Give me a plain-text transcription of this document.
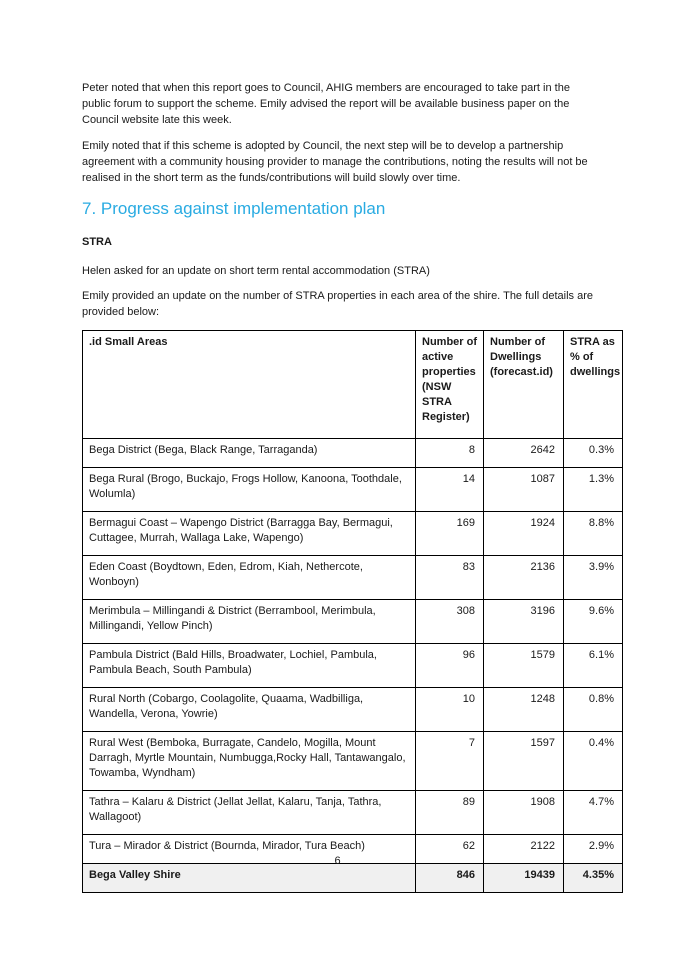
Peter noted that when this report goes to Council, AHIG members are encouraged to take part in the public forum to support the scheme. Emily advised the report will be available business paper on the Council website late this week.

Emily noted that if this scheme is adopted by Council, the next step will be to develop a partnership agreement with a community housing provider to manage the contributions, noting the results will not be realised in the short term as the funds/contributions will build slowly over time.

7. Progress against implementation plan

STRA

Helen asked for an update on short term rental accommodation (STRA)

Emily provided an update on the number of STRA properties in each area of the shire. The full details are provided below:

.id Small Areas	Number of active properties (NSW STRA Register)	Number of Dwellings (forecast.id)	STRA as % of dwellings
Bega District (Bega, Black Range, Tarraganda)	8	2642	0.3%
Bega Rural (Brogo, Buckajo, Frogs Hollow, Kanoona, Toothdale, Wolumla)	14	1087	1.3%
Bermagui Coast – Wapengo District (Barragga Bay, Bermagui, Cuttagee, Murrah, Wallaga Lake, Wapengo)	169	1924	8.8%
Eden Coast (Boydtown, Eden, Edrom, Kiah, Nethercote, Wonboyn)	83	2136	3.9%
Merimbula – Millingandi & District (Berrambool, Merimbula, Millingandi, Yellow Pinch)	308	3196	9.6%
Pambula District (Bald Hills, Broadwater, Lochiel, Pambula, Pambula Beach, South Pambula)	96	1579	6.1%
Rural North (Cobargo, Coolagolite, Quaama, Wadbilliga, Wandella, Verona, Yowrie)	10	1248	0.8%
Rural West (Bemboka, Burragate, Candelo, Mogilla, Mount Darragh, Myrtle Mountain, Numbugga,Rocky Hall, Tantawangalo, Towamba, Wyndham)	7	1597	0.4%
Tathra – Kalaru & District (Jellat Jellat, Kalaru, Tanja, Tathra, Wallagoot)	89	1908	4.7%
Tura – Mirador & District (Bournda, Mirador, Tura Beach)	62	2122	2.9%
Bega Valley Shire	846	19439	4.35%
6
